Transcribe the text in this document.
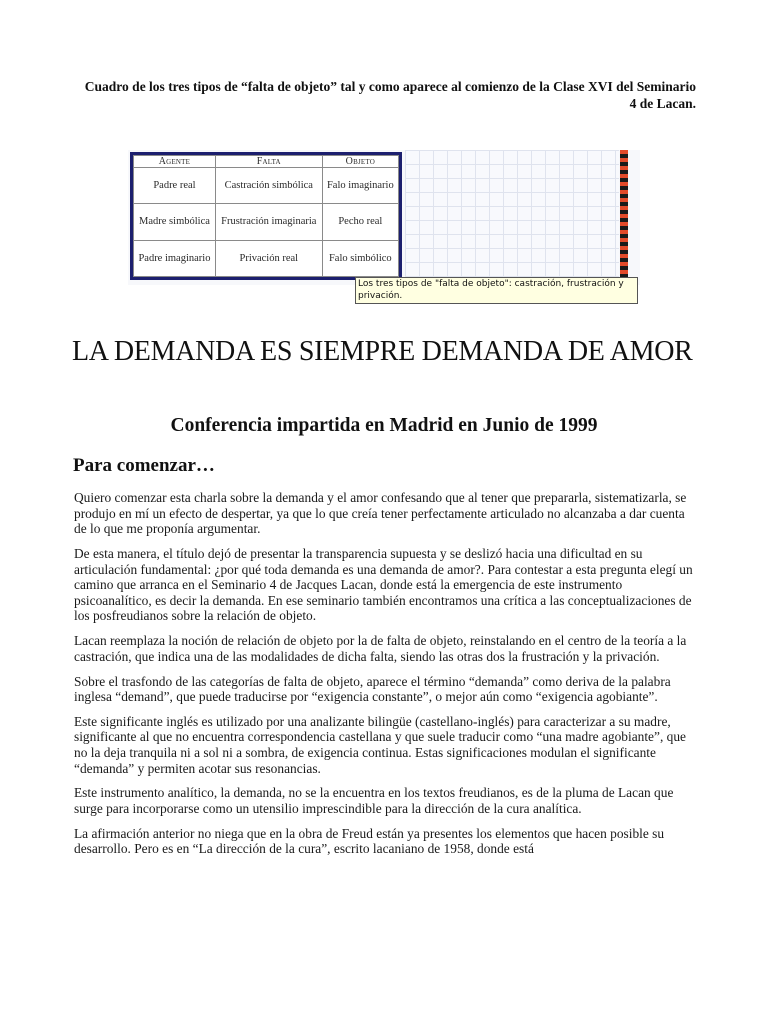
Cuadro de los tres tipos de “falta de objeto” tal y como aparece al comienzo de la Clase XVI del Seminario 4 de Lacan.
Agente	Falta	Objeto
Padre real	Castración simbólica	Falo imaginario
Madre simbólica	Frustración imaginaria	Pecho real
Padre imaginario	Privación real	Falo simbólico
Los tres tipos de "falta de objeto": castración, frustración y privación.
LA DEMANDA ES SIEMPRE DEMANDA DE AMOR
Conferencia impartida en Madrid en Junio de 1999
Para comenzar…

Quiero comenzar esta charla sobre la demanda y el amor confesando que al tener que prepararla, sistematizarla, se produjo en mí un efecto de despertar, ya que lo que creía tener perfectamente articulado no alcanzaba a dar cuenta de lo que me proponía argumentar.

De esta manera, el título dejó de presentar la transparencia supuesta y se deslizó hacia una dificultad en su articulación fundamental: ¿por qué toda demanda es una demanda de amor?. Para contestar a esta pregunta elegí un camino que arranca en el Seminario 4 de Jacques Lacan, donde está la emergencia de este instrumento psicoanalítico, es decir la demanda. En ese seminario también encontramos una crítica a las conceptualizaciones de los posfreudianos sobre la relación de objeto.

Lacan reemplaza la noción de relación de objeto por la de falta de objeto, reinstalando en el centro de la teoría a la castración, que indica una de las modalidades de dicha falta, siendo las otras dos la frustración y la privación.

Sobre el trasfondo de las categorías de falta de objeto, aparece el término “demanda” como deriva de la palabra inglesa “demand”, que puede traducirse por “exigencia constante”, o mejor aún como “exigencia agobiante”.

Este significante inglés es utilizado por una analizante bilingüe (castellano-inglés) para caracterizar a su madre, significante al que no encuentra correspondencia castellana y que suele traducir como “una madre agobiante”, que no la deja tranquila ni a sol ni a sombra, de exigencia continua. Estas significaciones modulan el significante “demanda” y permiten acotar sus resonancias.

Este instrumento analítico, la demanda, no se la encuentra en los textos freudianos, es de la pluma de Lacan que surge para incorporarse como un utensilio imprescindible para la dirección de la cura analítica.

La afirmación anterior no niega que en la obra de Freud están ya presentes los elementos que hacen posible su desarrollo. Pero es en “La dirección de la cura”, escrito lacaniano de 1958, donde está
